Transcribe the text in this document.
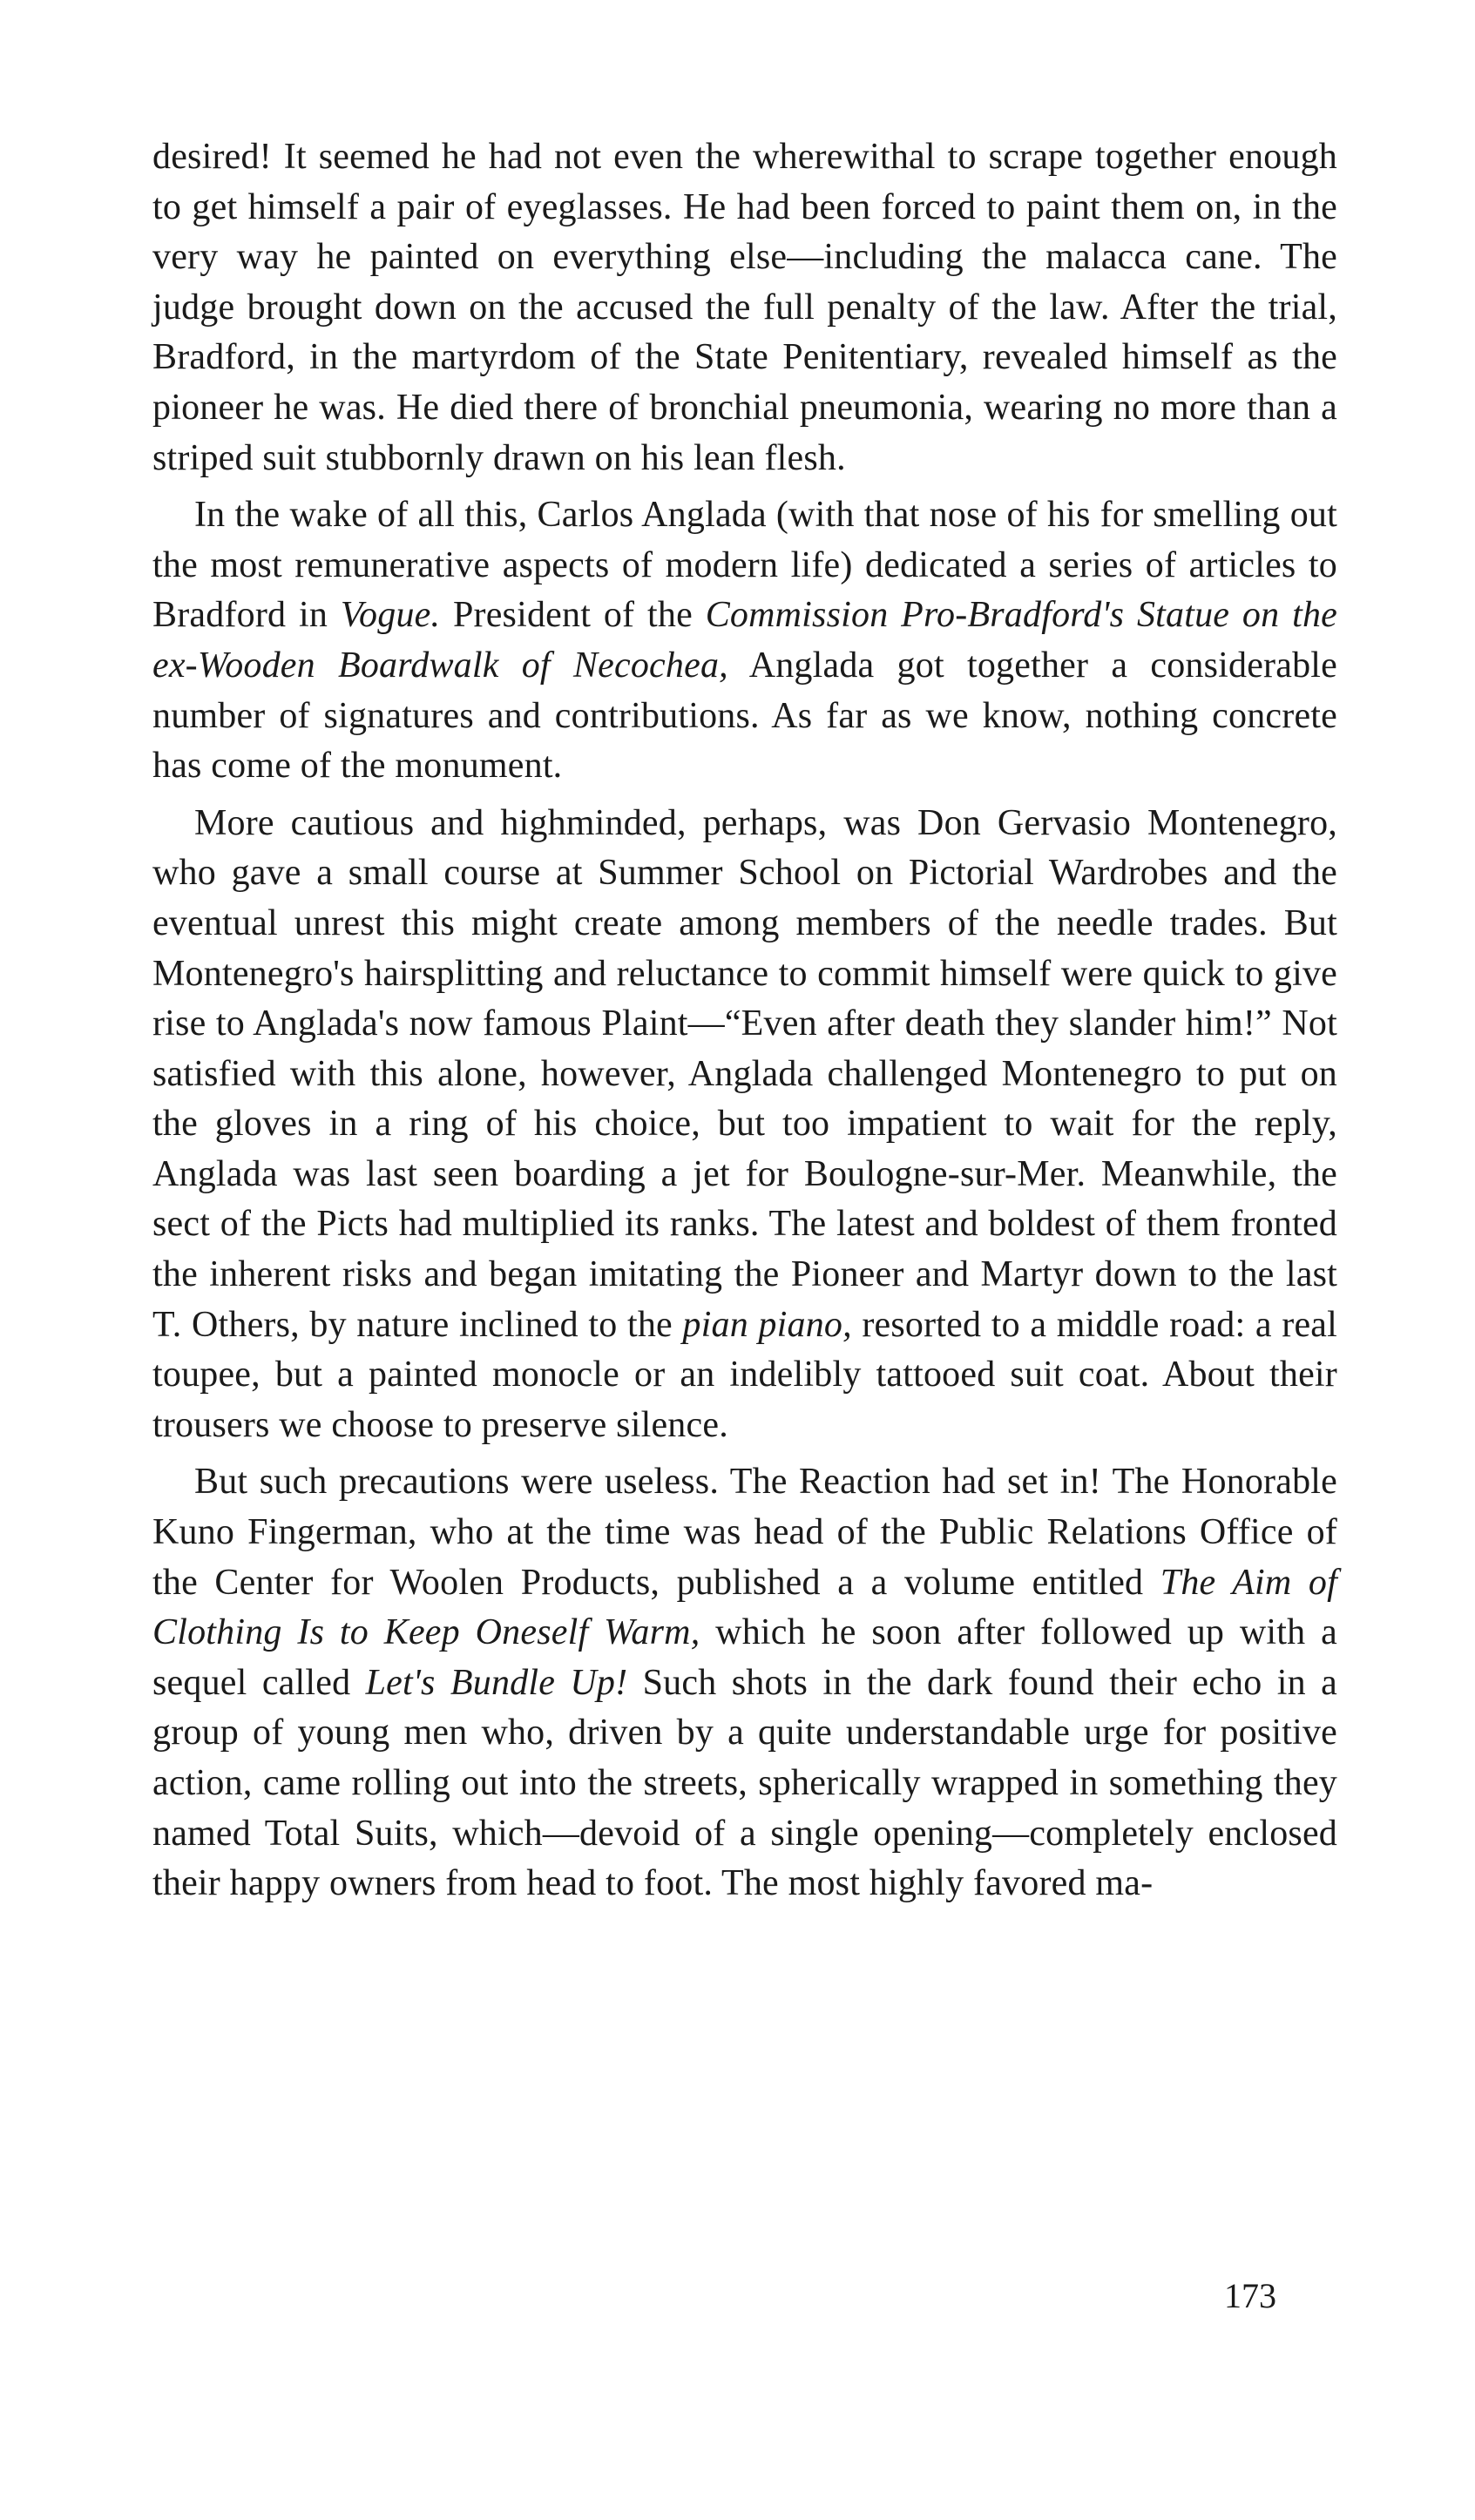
desired! It seemed he had not even the wherewithal to scrape together enough to get himself a pair of eyeglasses. He had been forced to paint them on, in the very way he painted on everything else—including the malacca cane. The judge brought down on the accused the full penalty of the law. After the trial, Bradford, in the martyrdom of the State Penitentiary, revealed himself as the pioneer he was. He died there of bronchial pneumonia, wearing no more than a striped suit stubbornly drawn on his lean flesh.

In the wake of all this, Carlos Anglada (with that nose of his for smelling out the most remunerative aspects of modern life) dedicated a series of articles to Bradford in Vogue. President of the Commission Pro-Bradford's Statue on the ex-Wooden Boardwalk of Necochea, Anglada got together a considerable number of signatures and contributions. As far as we know, nothing concrete has come of the monument.

More cautious and highminded, perhaps, was Don Gervasio Montenegro, who gave a small course at Summer School on Pictorial Wardrobes and the eventual unrest this might create among members of the needle trades. But Montenegro's hairsplitting and reluctance to commit himself were quick to give rise to Anglada's now famous Plaint—“Even after death they slander him!” Not satisfied with this alone, however, Anglada challenged Montenegro to put on the gloves in a ring of his choice, but too impatient to wait for the reply, Anglada was last seen boarding a jet for Boulogne-sur-Mer. Meanwhile, the sect of the Picts had multiplied its ranks. The latest and boldest of them fronted the inherent risks and began imitating the Pioneer and Martyr down to the last T. Others, by nature inclined to the pian piano, resorted to a middle road: a real toupee, but a painted monocle or an indelibly tattooed suit coat. About their trousers we choose to preserve silence.

But such precautions were useless. The Reaction had set in! The Honorable Kuno Fingerman, who at the time was head of the Public Relations Office of the Center for Woolen Products, published a a volume entitled The Aim of Clothing Is to Keep Oneself Warm, which he soon after followed up with a sequel called Let's Bundle Up! Such shots in the dark found their echo in a group of young men who, driven by a quite understandable urge for positive action, came rolling out into the streets, spherically wrapped in something they named Total Suits, which—devoid of a single opening—completely enclosed their happy owners from head to foot. The most highly favored ma-

173
